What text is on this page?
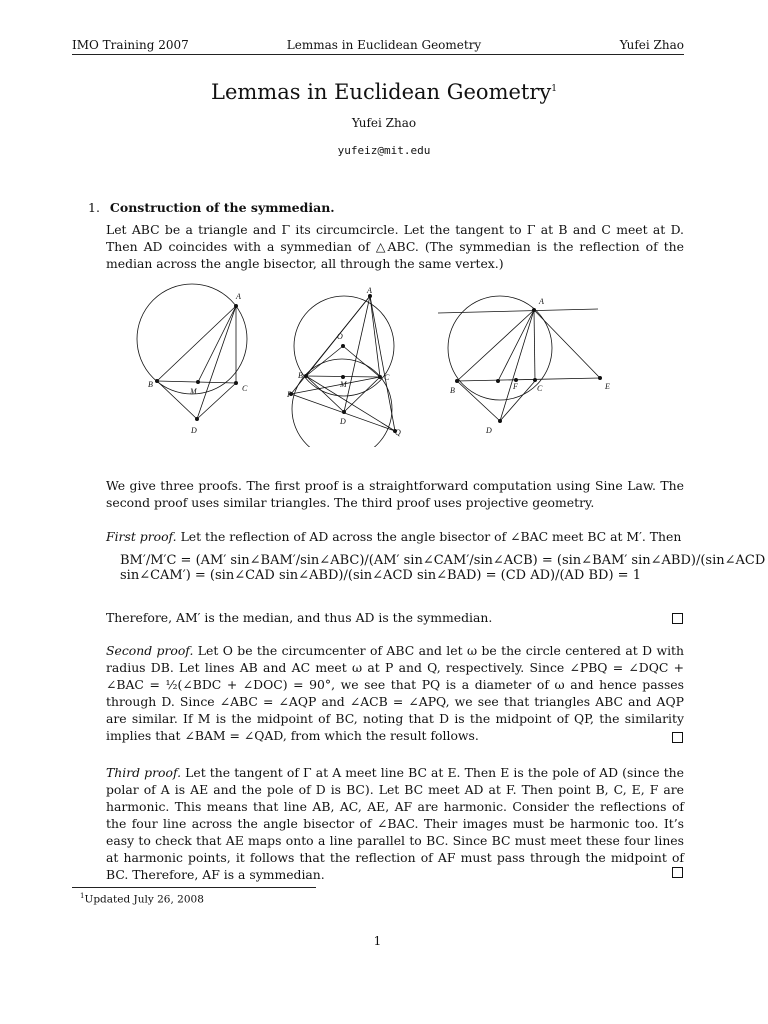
IMO Training 2007	Lemmas in Euclidean Geometry	Yufei Zhao
Lemmas in Euclidean Geometry$^1$
Yufei Zhao
yufeiz@mit.edu
1. Construction of the symmedian.
Let ABC be a triangle and Γ its circumcircle. Let the tangent to Γ at B and C meet at D. Then AD coincides with a symmedian of △ABC. (The symmedian is the reflection of the median across the angle bisector, all through the same vertex.)
A
B
M	C
D
A
O
B
M
C
P
D
Q
A
B	F C	E
D
We give three proofs. The first proof is a straightforward computation using Sine Law. The second proof uses similar triangles. The third proof uses projective geometry.
First proof. Let the reflection of AD across the angle bisector of ∠BAC meet BC at M′. Then
BM′/M′C = (AM′ sin∠BAM′/sin∠ABC)/(AM′ sin∠CAM′/sin∠ACB) = (sin∠BAM′ sin∠ABD)/(sin∠ACD sin∠CAM′) = (sin∠CAD sin∠ABD)/(sin∠ACD sin∠BAD) = (CD AD)/(AD BD) = 1
Therefore, AM′ is the median, and thus AD is the symmedian.
Second proof. Let O be the circumcenter of ABC and let ω be the circle centered at D with radius DB. Let lines AB and AC meet ω at P and Q, respectively. Since ∠PBQ = ∠DQC + ∠BAC = ½(∠BDC + ∠DOC) = 90°, we see that PQ is a diameter of ω and hence passes through D. Since ∠ABC = ∠AQP and ∠ACB = ∠APQ, we see that triangles ABC and AQP are similar. If M is the midpoint of BC, noting that D is the midpoint of QP, the similarity implies that ∠BAM = ∠QAD, from which the result follows.
Third proof. Let the tangent of Γ at A meet line BC at E. Then E is the pole of AD (since the polar of A is AE and the pole of D is BC). Let BC meet AD at F. Then point B, C, E, F are harmonic. This means that line AB, AC, AE, AF are harmonic. Consider the reflections of the four line across the angle bisector of ∠BAC. Their images must be harmonic too. It’s easy to check that AE maps onto a line parallel to BC. Since BC must meet these four lines at harmonic points, it follows that the reflection of AF must pass through the midpoint of BC. Therefore, AF is a symmedian.
$^1$Updated July 26, 2008
1
